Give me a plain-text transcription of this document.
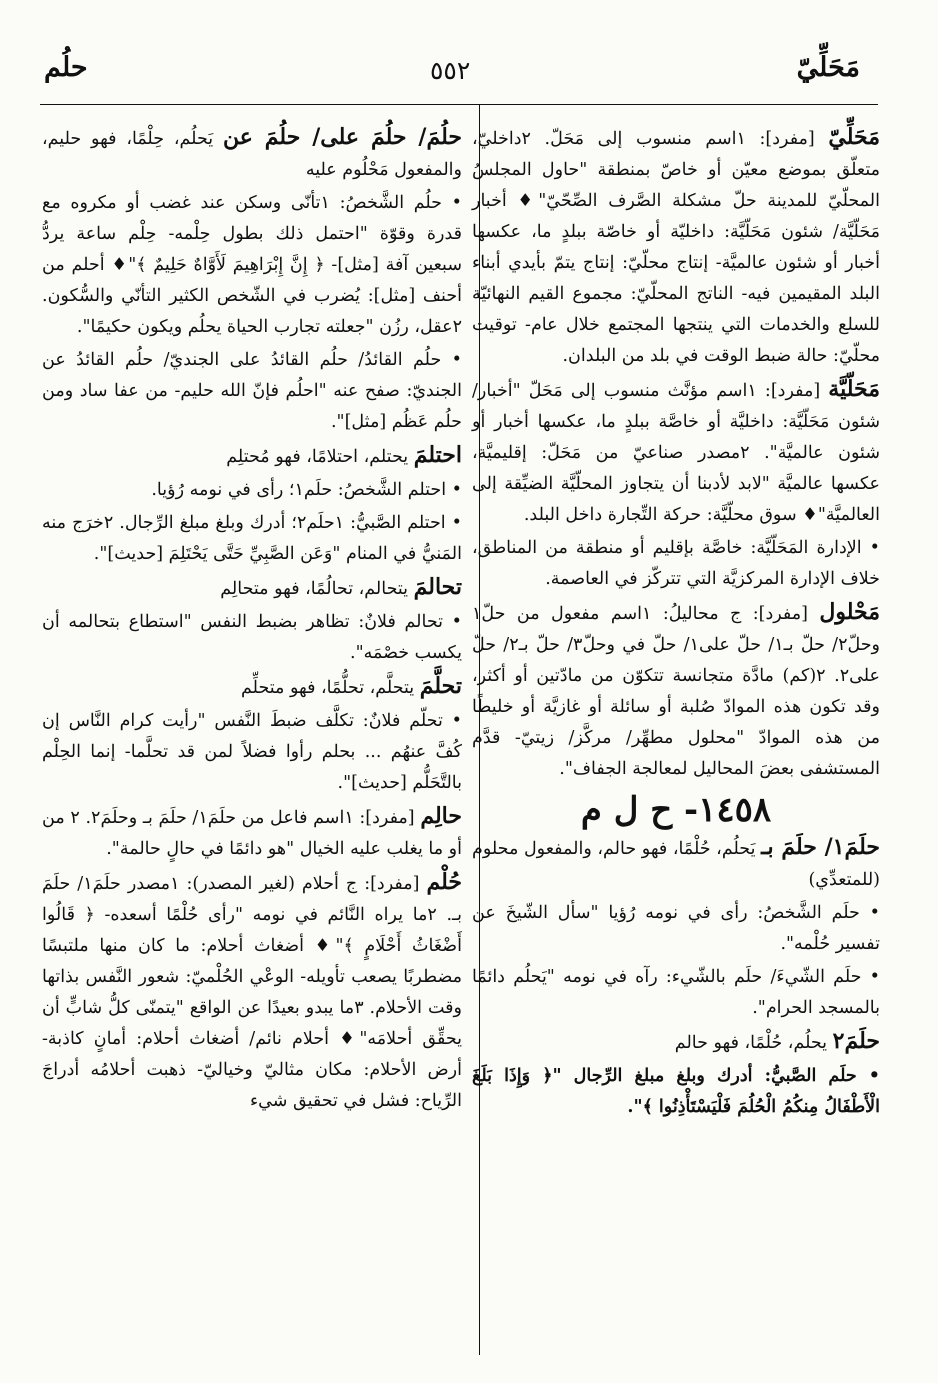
مَحَلِّيّ
٥٥٢
حلُم

مَحَلِّيّ [مفرد]: ١اسم منسوب إلى مَحَلّ. ٢داخليّ، متعلّق بموضع معيّن أو خاصّ بمنطقة "حاول المجلسُ المحلّيّ للمدينة حلّ مشكلة الصَّرف الصِّحّيّ"♦ أخبار مَحَلّيَّة/ شئون مَحَلّيَّة: داخليّة أو خاصّة ببلدٍ ما، عكسها أخبار أو شئون عالميَّة- إنتاج محلّيّ: إنتاج يتمّ بأيدي أبناء البلد المقيمين فيه- الناتج المحلّيّ: مجموع القيم النهائيّة للسلع والخدمات التي ينتجها المجتمع خلال عام- توقيت محلّيّ: حالة ضبط الوقت في بلد من البلدان.

مَحَلّيَّة [مفرد]: ١اسم مؤنَّث منسوب إلى مَحَلّ "أخبار/ شئون مَحَلّيَّة: داخليَّة أو خاصَّة ببلدٍ ما، عكسها أخبار أو شئون عالميَّة". ٢مصدر صناعيّ من مَحَلّ: إقليميَّة، عكسها عالميَّة "لابد لأدبنا أن يتجاوز المحلّيَّة الضيِّقة إلى العالميَّة"♦ سوق محلّيَّة: حركة التِّجارة داخل البلد.

• الإدارة المَحَلّيَّة: خاصَّة بإقليم أو منطقة من المناطق، خلاف الإدارة المركزيَّة التي تتركّز في العاصمة.

مَحْلول [مفرد]: ج محاليلُ: ١اسم مفعول من حلّ١ وحلّ٢/ حلّ بـ١/ حلّ على١/ حلّ في وحلّ٣/ حلّ بـ٢/ حلّ على٢. ٢(كم) مادَّة متجانسة تتكوّن من مادّتين أو أكثر، وقد تكون هذه الموادّ صُلبة أو سائلة أو غازيَّة أو خليطًا من هذه الموادّ "محلول مطهِّر/ مركَّز/ زيتيّ- قدَّم المستشفى بعضَ المحاليل لمعالجة الجفاف".

١٤٥٨- ح ل م

حلَمَ١/ حلَمَ بـ يَحلُم، حُلْمًا، فهو حالم، والمفعول محلوم (للمتعدِّي)

• حلَم الشَّخصُ: رأى في نومه رُؤيا "سأل الشّيخَ عن تفسير حُلْمه".

• حلَم الشّيءَ/ حلَم بالشّيء: رآه في نومه "يَحلُم دائمًا بالمسجد الحرام".

حلَمَ٢ يحلُم، حُلْمًا، فهو حالم

• حلَم الصَّبيُّ: أدرك وبلغ مبلغ الرِّجال "﴿ وَإِذَا بَلَغَ الْأَطْفَالُ مِنكُمُ الْحُلُمَ فَلْيَسْتَأْذِنُوا ﴾".

حلُمَ/ حلُمَ على/ حلُمَ عن يَحلُم، حِلْمًا، فهو حليم، والمفعول مَحْلُوم عليه

• حلُم الشَّخصُ: ١تأنّى وسكن عند غضب أو مكروه مع قدرة وقوّة "احتمل ذلك بطول حِلْمه- حِلْم ساعة يردُّ سبعين آفة [مثل]- ﴿ إِنَّ إِبْرَاهِيمَ لَأَوَّاهٌ حَلِيمٌ ﴾"♦ أحلم من أحنف [مثل]: يُضرب في الشّخص الكثير التأنّي والسُّكون. ٢عقل، رزُن "جعلته تجارب الحياة يحلُم ويكون حكيمًا".

• حلُم القائدُ/ حلُم القائدُ على الجنديّ/ حلُم القائدُ عن الجنديّ: صفح عنه "احلُم فإنّ الله حليم- من عفا ساد ومن حلُم عَظُم [مثل]".

احتلمَ يحتلم، احتلامًا، فهو مُحتلِم

• احتلم الشَّخصُ: حلَم١؛ رأى في نومه رُؤيا.

• احتلم الصَّبيُّ: ١حلَم٢؛ أدرك وبلغ مبلغ الرِّجال. ٢خرَج منه المَنيُّ في المنام "وَعَن الصَّبِيِّ حَتَّى يَحْتَلِمَ [حديث]".

تحالمَ يتحالم، تحالُمًا، فهو متحالِم

• تحالم فلانٌ: تظاهر بضبط النفس "استطاع بتحالمه أن يكسب خصْمَه".

تحلَّمَ يتحلَّم، تحلُّمًا، فهو متحلِّم

• تحلّم فلانٌ: تكلَّف ضبطَ النَّفس "رأيت كرام النَّاس إن كُفَّ عنهُم ... بحلم رأوا فضلاً لمن قد تحلَّما- إنما الحِلْم بالتَّحَلُّم [حديث]".

حالِم [مفرد]: ١اسم فاعل من حلَمَ١/ حلَمَ بـ وحلَمَ٢. ٢ من أو ما يغلب عليه الخيال "هو دائمًا في حالٍ حالمة".

حُلْم [مفرد]: ج أحلام (لغير المصدر): ١مصدر حلَمَ١/ حلَمَ بـ. ٢ما يراه النَّائم في نومه "رأى حُلْمًا أسعده- ﴿ قَالُوا أَضْغَاثُ أَحْلَامٍ ﴾"♦ أضغاث أحلام: ما كان منها ملتبسًا مضطربًا يصعب تأويله- الوعْي الحُلْميّ: شعور النَّفس بذاتها وقت الأحلام. ٣ما يبدو بعيدًا عن الواقع "يتمنّى كلُّ شابٍّ أن يحقِّق أحلامَه"♦ أحلام نائم/ أضغاث أحلام: أمانٍ كاذبة- أرض الأحلام: مكان مثاليّ وخياليّ- ذهبت أحلامُه أدراجَ الرِّياح: فشل في تحقيق شيء
